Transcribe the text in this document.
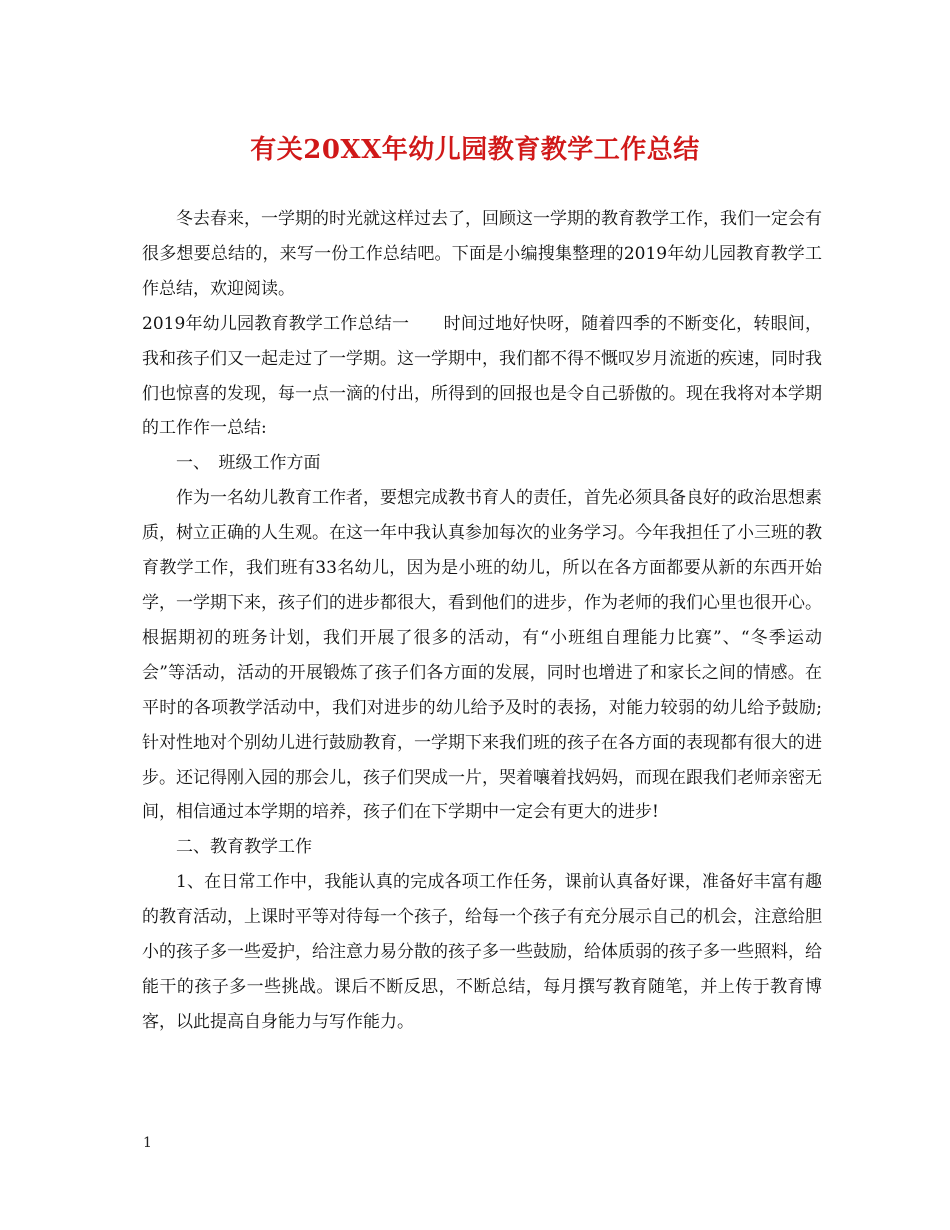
有关20XX年幼儿园教育教学工作总结

冬去春来，一学期的时光就这样过去了，回顾这一学期的教育教学工作，我们一定会有很多想要总结的，来写一份工作总结吧。下面是小编搜集整理的2019年幼儿园教育教学工作总结，欢迎阅读。

2019年幼儿园教育教学工作总结一　　时间过地好快呀，随着四季的不断变化，转眼间，我和孩子们又一起走过了一学期。这一学期中，我们都不得不慨叹岁月流逝的疾速，同时我们也惊喜的发现，每一点一滴的付出，所得到的回报也是令自己骄傲的。现在我将对本学期的工作作一总结:

一、　班级工作方面

作为一名幼儿教育工作者，要想完成教书育人的责任，首先必须具备良好的政治思想素质，树立正确的人生观。在这一年中我认真参加每次的业务学习。今年我担任了小三班的教育教学工作，我们班有33名幼儿，因为是小班的幼儿，所以在各方面都要从新的东西开始学，一学期下来，孩子们的进步都很大，看到他们的进步，作为老师的我们心里也很开心。根据期初的班务计划，我们开展了很多的活动，有“小班组自理能力比赛”、“冬季运动会”等活动，活动的开展锻炼了孩子们各方面的发展，同时也增进了和家长之间的情感。在平时的各项教学活动中，我们对进步的幼儿给予及时的表扬，对能力较弱的幼儿给予鼓励;针对性地对个别幼儿进行鼓励教育，一学期下来我们班的孩子在各方面的表现都有很大的进步。还记得刚入园的那会儿，孩子们哭成一片，哭着嚷着找妈妈，而现在跟我们老师亲密无间，相信通过本学期的培养，孩子们在下学期中一定会有更大的进步!

二、教育教学工作

1、在日常工作中，我能认真的完成各项工作任务，课前认真备好课，准备好丰富有趣的教育活动，上课时平等对待每一个孩子，给每一个孩子有充分展示自己的机会，注意给胆小的孩子多一些爱护，给注意力易分散的孩子多一些鼓励，给体质弱的孩子多一些照料，给能干的孩子多一些挑战。课后不断反思，不断总结，每月撰写教育随笔，并上传于教育博客，以此提高自身能力与写作能力。

1
